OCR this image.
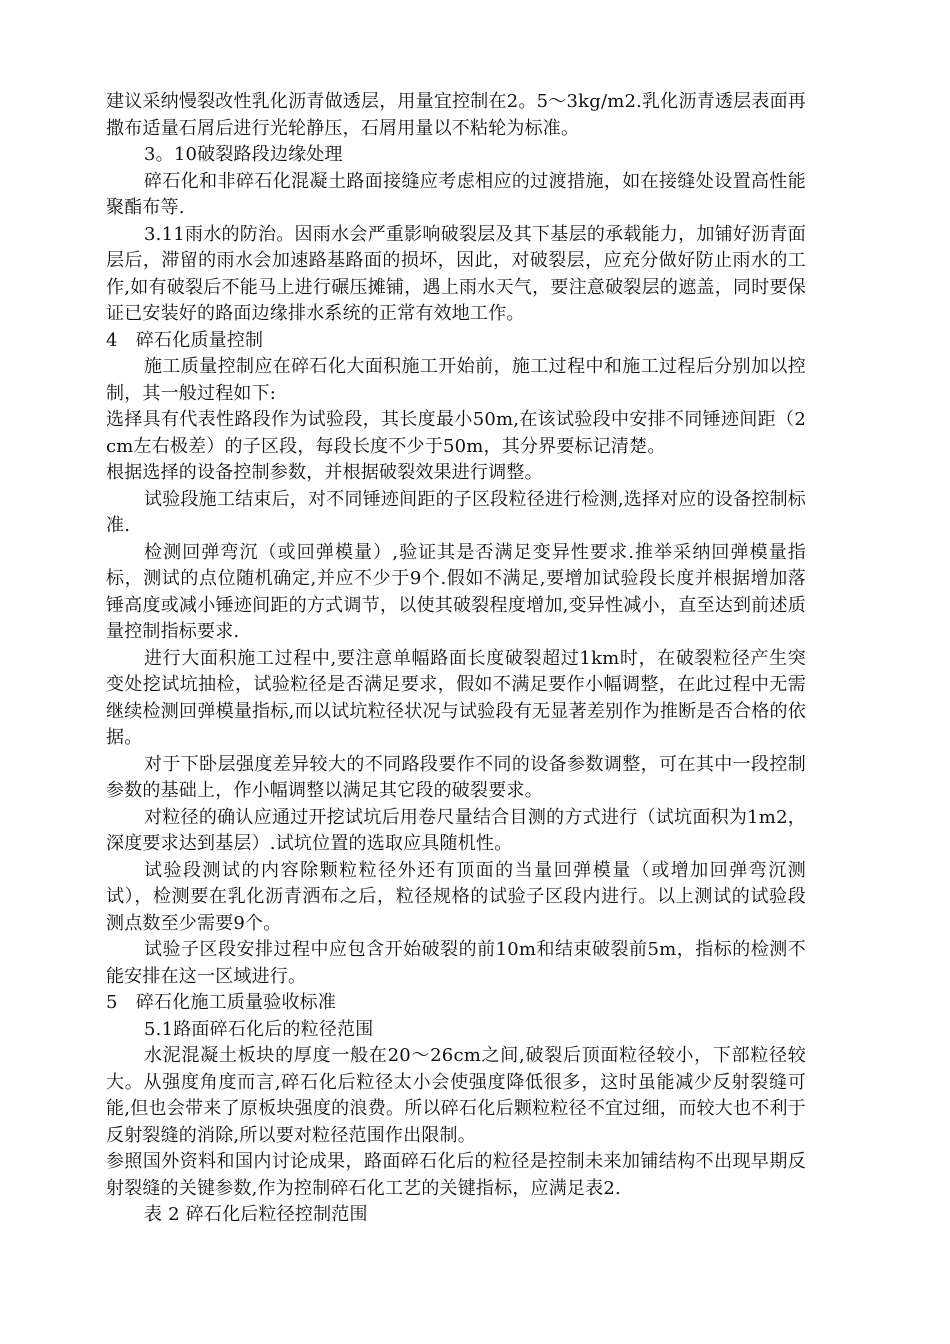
建议采纳慢裂改性乳化沥青做透层，用量宜控制在2。5～3kg/m2.乳化沥青透层表面再撒布适量石屑后进行光轮静压，石屑用量以不粘轮为标准。

3。10破裂路段边缘处理

碎石化和非碎石化混凝土路面接缝应考虑相应的过渡措施，如在接缝处设置高性能聚酯布等.

3.11雨水的防治。因雨水会严重影响破裂层及其下基层的承载能力，加铺好沥青面层后，滞留的雨水会加速路基路面的损坏，因此，对破裂层，应充分做好防止雨水的工作,如有破裂后不能马上进行碾压摊铺，遇上雨水天气，要注意破裂层的遮盖，同时要保证已安装好的路面边缘排水系统的正常有效地工作。

4　碎石化质量控制

施工质量控制应在碎石化大面积施工开始前，施工过程中和施工过程后分别加以控制，其一般过程如下:

选择具有代表性路段作为试验段，其长度最小50m,在该试验段中安排不同锤迹间距（2cm左右极差）的子区段，每段长度不少于50m，其分界要标记清楚。

根据选择的设备控制参数，并根据破裂效果进行调整。

试验段施工结束后，对不同锤迹间距的子区段粒径进行检测,选择对应的设备控制标准.

检测回弹弯沉（或回弹模量）,验证其是否满足变异性要求.推举采纳回弹模量指标，测试的点位随机确定,并应不少于9个.假如不满足,要增加试验段长度并根据增加落锤高度或减小锤迹间距的方式调节，以使其破裂程度增加,变异性减小，直至达到前述质量控制指标要求.

进行大面积施工过程中,要注意单幅路面长度破裂超过1km时，在破裂粒径产生突变处挖试坑抽检，试验粒径是否满足要求，假如不满足要作小幅调整，在此过程中无需继续检测回弹模量指标,而以试坑粒径状况与试验段有无显著差别作为推断是否合格的依据。

对于下卧层强度差异较大的不同路段要作不同的设备参数调整，可在其中一段控制参数的基础上，作小幅调整以满足其它段的破裂要求。

对粒径的确认应通过开挖试坑后用卷尺量结合目测的方式进行（试坑面积为1m2，深度要求达到基层）.试坑位置的选取应具随机性。

试验段测试的内容除颗粒粒径外还有顶面的当量回弹模量（或增加回弹弯沉测试），检测要在乳化沥青洒布之后，粒径规格的试验子区段内进行。以上测试的试验段测点数至少需要9个。

试验子区段安排过程中应包含开始破裂的前10m和结束破裂前5m，指标的检测不能安排在这一区域进行。

5　碎石化施工质量验收标准

5.1路面碎石化后的粒径范围

水泥混凝土板块的厚度一般在20～26cm之间,破裂后顶面粒径较小，下部粒径较大。从强度角度而言,碎石化后粒径太小会使强度降低很多，这时虽能减少反射裂缝可能,但也会带来了原板块强度的浪费。所以碎石化后颗粒粒径不宜过细，而较大也不利于反射裂缝的消除,所以要对粒径范围作出限制。

参照国外资料和国内讨论成果，路面碎石化后的粒径是控制未来加铺结构不出现早期反射裂缝的关键参数,作为控制碎石化工艺的关键指标，应满足表2.

表 2 碎石化后粒径控制范围
